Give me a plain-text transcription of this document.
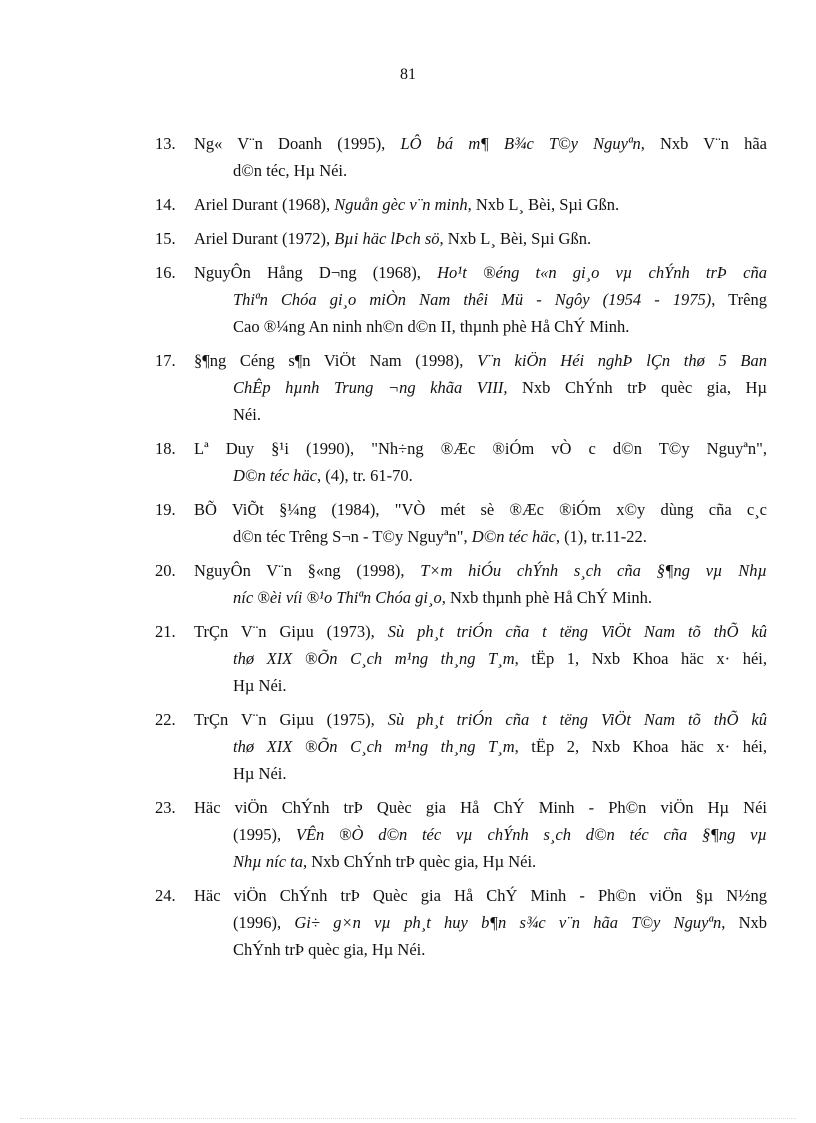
81
13. Ng« V¨n Doanh (1995), LÔ bá m¶ B¾c T©y Nguyªn, Nxb V¨n hãa
d©n téc, Hµ Néi.
14. Ariel Durant (1968), Nguån gèc v¨n minh, Nxb L¸ Bèi, Sµi Gßn.
15. Ariel Durant (1972), Bµi häc lÞch sö, Nxb L¸ Bèi, Sµi Gßn.
16. NguyÔn Hång D¬ng (1968), Ho¹t ®éng t«n gi¸o vµ chÝnh trÞ cña
Thiªn Chóa gi¸o miÒn Nam thêi Mü - Ngôy (1954 - 1975), Trêng
Cao ®¼ng An ninh nh©n d©n II, thµnh phè Hå ChÝ Minh.
17. §¶ng Céng s¶n ViÖt Nam (1998), V¨n kiÖn Héi nghÞ lÇn thø 5 Ban
ChÊp hµnh Trung ¬ng khãa VIII, Nxb ChÝnh trÞ quèc gia, Hµ
Néi.
18. Lª Duy §¹i (1990), "Nh÷ng ®Æc ®iÓm vÒ c d©n T©y Nguyªn",
D©n téc häc, (4), tr. 61-70.
19. BÕ ViÕt §¼ng (1984), "VÒ mét sè ®Æc ®iÓm x©y dùng cña c¸c
d©n téc Trêng S¬n - T©y Nguyªn", D©n téc häc, (1), tr.11-22.
20. NguyÔn V¨n §«ng (1998), T×m hiÓu chÝnh s¸ch cña §¶ng vµ Nhµ
níc ®èi víi ®¹o Thiªn Chóa gi¸o, Nxb thµnh phè Hå ChÝ Minh.
21. TrÇn V¨n Giµu (1973), Sù ph¸t triÓn cña t tëng ViÖt Nam tõ thÕ kû
thø XIX ®Õn C¸ch m¹ng th¸ng T¸m, tËp 1, Nxb Khoa häc x· héi,
Hµ Néi.
22. TrÇn V¨n Giµu (1975), Sù ph¸t triÓn cña t tëng ViÖt Nam tõ thÕ kû
thø XIX ®Õn C¸ch m¹ng th¸ng T¸m, tËp 2, Nxb Khoa häc x· héi,
Hµ Néi.
23. Häc viÖn ChÝnh trÞ Quèc gia Hå ChÝ Minh - Ph©n viÖn Hµ Néi
(1995), VÊn ®Ò d©n téc vµ chÝnh s¸ch d©n téc cña §¶ng vµ
Nhµ níc ta, Nxb ChÝnh trÞ quèc gia, Hµ Néi.
24. Häc viÖn ChÝnh trÞ Quèc gia Hå ChÝ Minh - Ph©n viÖn §µ N½ng
(1996), Gi÷ g×n vµ ph¸t huy b¶n s¾c v¨n hãa T©y Nguyªn, Nxb
ChÝnh trÞ quèc gia, Hµ Néi.
